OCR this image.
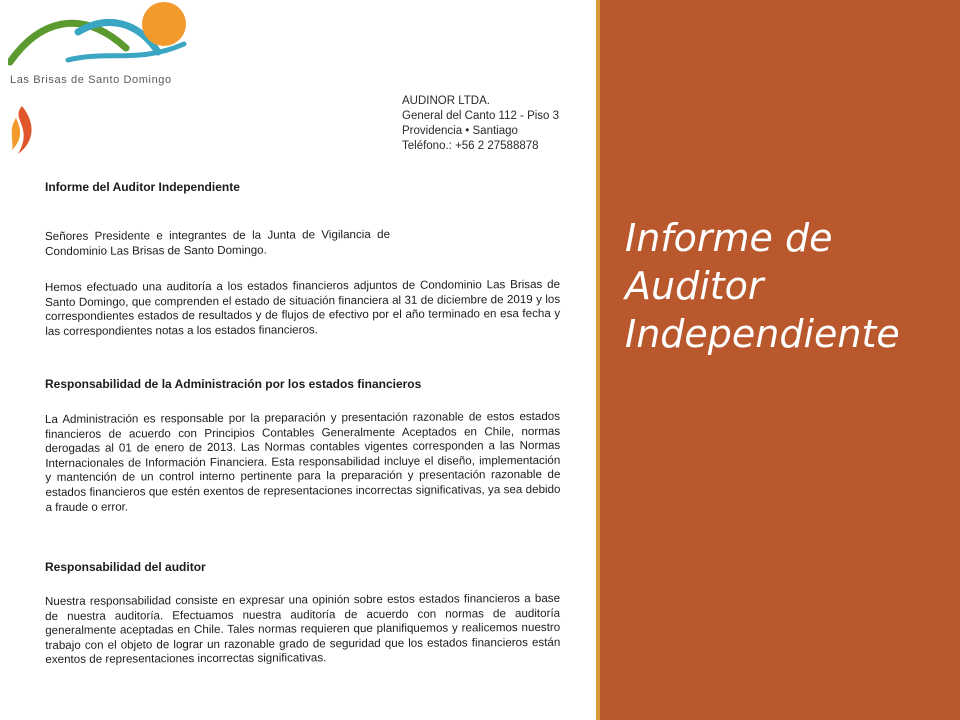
Las Brisas de Santo Domingo
AUDINOR LTDA.
General del Canto 112 - Piso 3
Providencia • Santiago
Teléfono.: +56 2 27588878
Informe del Auditor Independiente
Señores Presidente e integrantes de la Junta de Vigilancia de Condominio Las Brisas de Santo Domingo.
Hemos efectuado una auditoría a los estados financieros adjuntos de Condominio Las Brisas de Santo Domingo, que comprenden el estado de situación financiera al 31 de diciembre de 2019 y los correspondientes estados de resultados y de flujos de efectivo por el año terminado en esa fecha y las correspondientes notas a los estados financieros.
Responsabilidad de la Administración por los estados financieros
La Administración es responsable por la preparación y presentación razonable de estos estados financieros de acuerdo con Principios Contables Generalmente Aceptados en Chile, normas derogadas al 01 de enero de 2013. Las Normas contables vigentes corresponden a las Normas Internacionales de Información Financiera. Esta responsabilidad incluye el diseño, implementación y mantención de un control interno pertinente para la preparación y presentación razonable de estados financieros que estén exentos de representaciones incorrectas significativas, ya sea debido a fraude o error.
Responsabilidad del auditor
Nuestra responsabilidad consiste en expresar una opinión sobre estos estados financieros a base de nuestra auditoría. Efectuamos nuestra auditoría de acuerdo con normas de auditoría generalmente aceptadas en Chile. Tales normas requieren que planifiquemos y realicemos nuestro trabajo con el objeto de lograr un razonable grado de seguridad que los estados financieros están exentos de representaciones incorrectas significativas.
Informe de
Auditor
Independiente
